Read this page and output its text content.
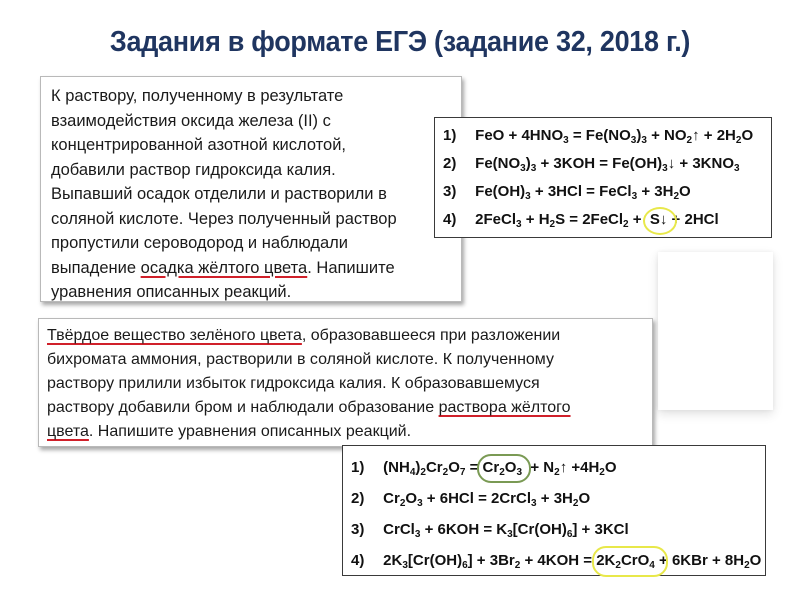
Задания в формате ЕГЭ (задание 32, 2018 г.)
К раствору, полученному в результате
взаимодействия оксида железа (II) с
концентрированной азотной кислотой,
добавили раствор гидроксида калия.
Выпавший осадок отделили и растворили в
соляной кислоте. Через полученный раствор
пропустили сероводород и наблюдали
выпадение осадка жёлтого цвета. Напишите
уравнения описанных реакций.
1) FeO + $4HNO_3 = Fe(NO_3)_3$ + $NO_2↑ + 2H_2O$
2) $Fe(NO_3)_3 + 3KOH$ = $Fe(OH)_3↓ + 3KNO_3$
3) $Fe(OH)_3 + 3HCl$ = FeCl$_3$ + $3H_2O$
4) 2FeCl$_3$ + $H_2S$ = 2FeCl$_2$ +  S↓
+ 2HCl
Твёрдое вещество зелёного цвета, образовавшееся при разложении
бихромата аммония, растворили в соляной кислоте. К полученному
раствору прилили избыток гидроксида калия. К образовавшемуся
раствору добавили бром и наблюдали образование раствора жёлтого
цвета. Напишите уравнения описанных реакций.
1) $(NH_4)_2Cr_2O_7 = Cr_2O_3$
+ $N_2↑ +4H_2O$
2) $Cr_2O_3 + 6HCl$ = 2CrCl$_3$ + $3H_2O$
3) CrCl$_3$ + $6KOH = K_3[Cr(OH)_6] + 3KCl$
4) $2K_3[Cr(OH)_6] + 3Br_2 + 4KOH = 2K_2CrO_4$
+ $6KBr + 8H_2O$
